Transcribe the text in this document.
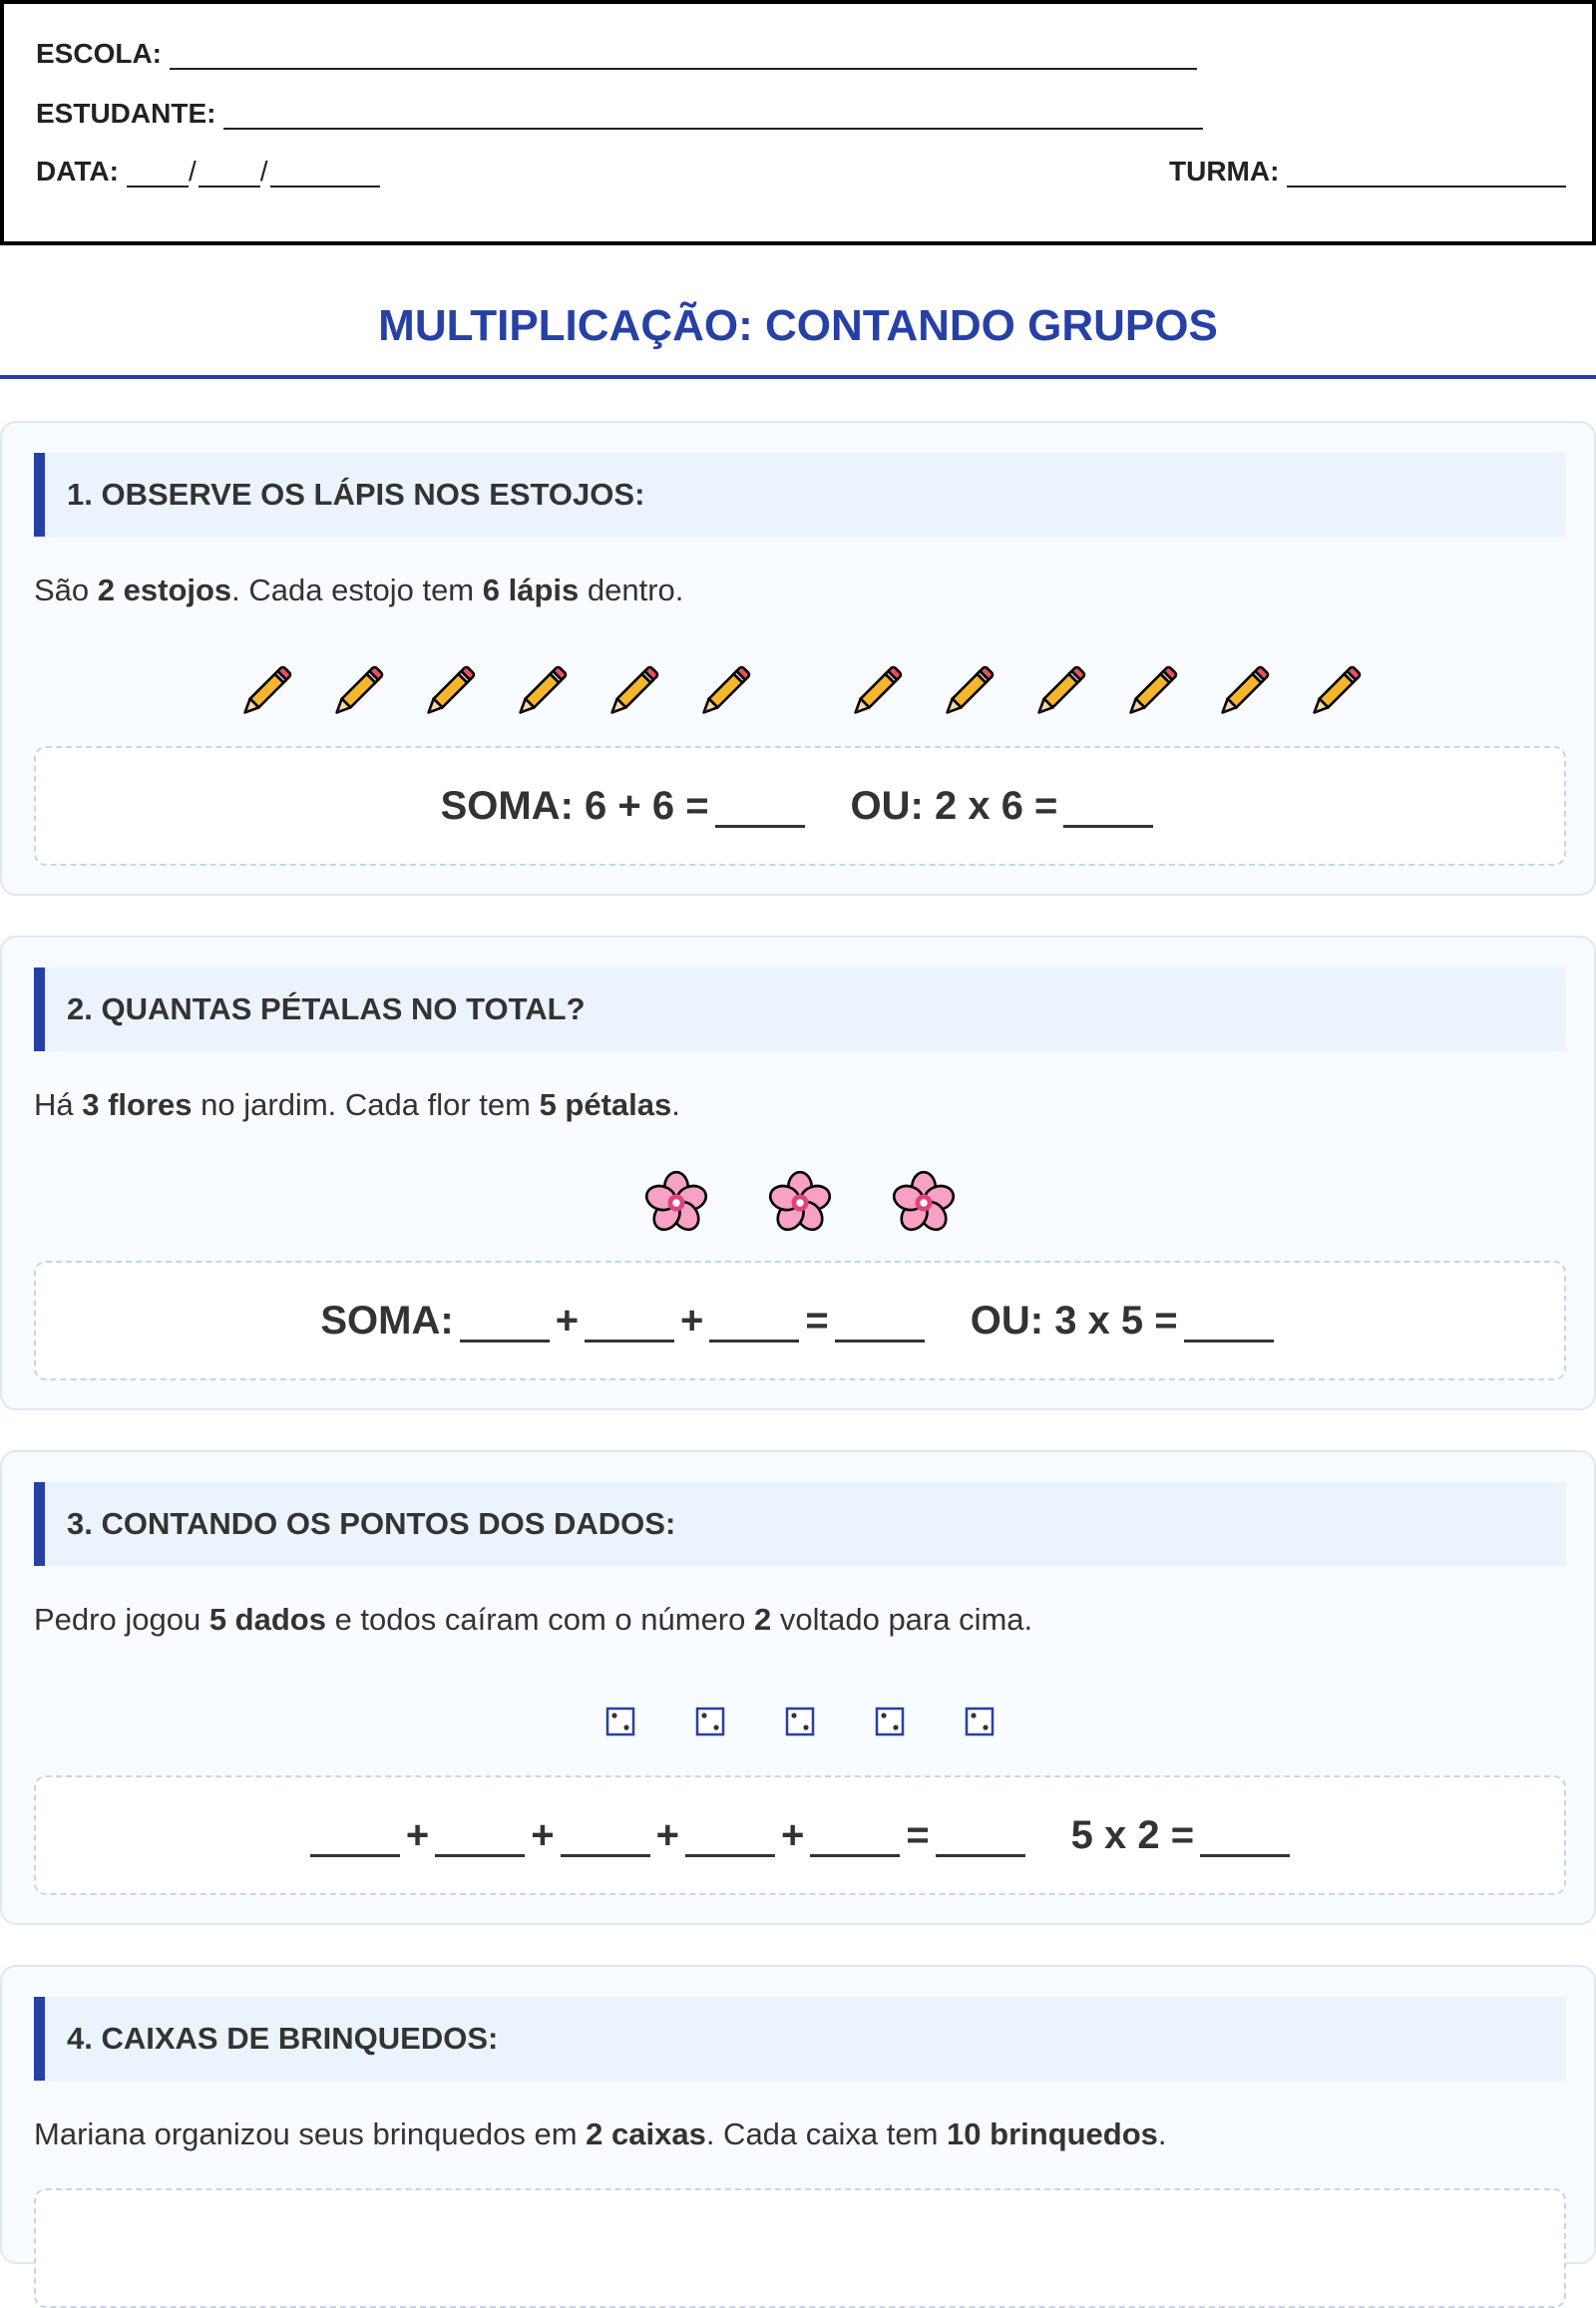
ESCOLA:
ESTUDANTE:
DATA:	/ /	TURMA:
MULTIPLICAÇÃO: CONTANDO GRUPOS
1. OBSERVE OS LÁPIS NOS ESTOJOS:
São 2 estojos. Cada estojo tem 6 lápis dentro.
SOMA: 6 + 6 =	OU: 2 x 6 =
2. QUANTAS PÉTALAS NO TOTAL?
Há 3 flores no jardim. Cada flor tem 5 pétalas.
SOMA:	+	+	=	OU: 3 x 5 =
3. CONTANDO OS PONTOS DOS DADOS:
Pedro jogou 5 dados e todos caíram com o número 2 voltado para cima.
+	+	+	+	=	5 x 2 =
4. CAIXAS DE BRINQUEDOS:
Mariana organizou seus brinquedos em 2 caixas. Cada caixa tem 10 brinquedos.
